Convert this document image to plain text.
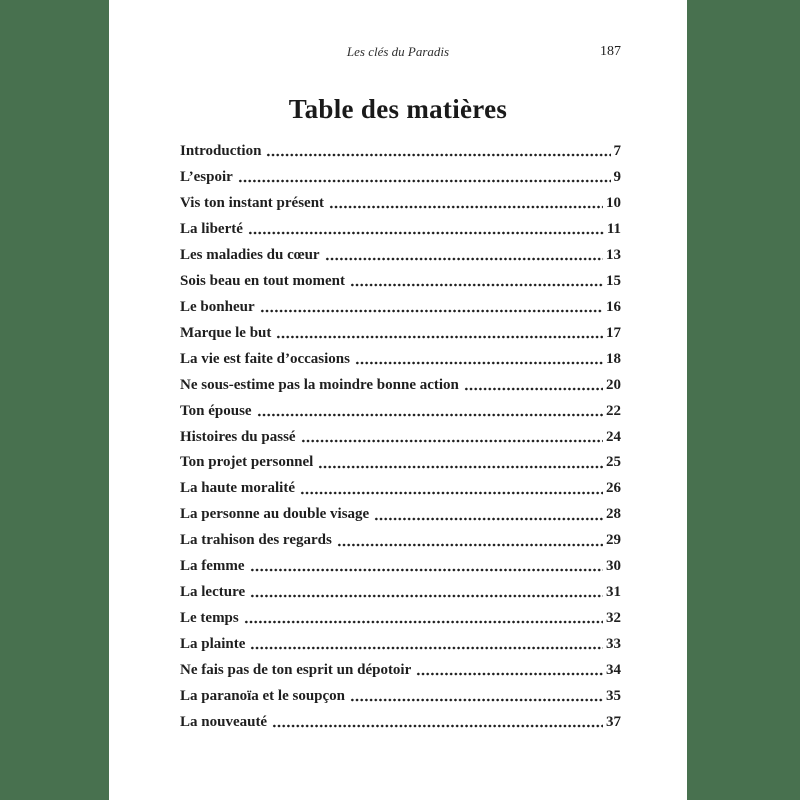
Les clés du Paradis	187
Table des matières
Introduction	7
L’espoir	9
Vis ton instant présent	10
La liberté	11
Les maladies du cœur	13
Sois beau en tout moment	15
Le bonheur	16
Marque le but	17
La vie est faite d’occasions	18
Ne sous-estime pas la moindre bonne action	20
Ton épouse	22
Histoires du passé	24
Ton projet personnel	25
La haute moralité	26
La personne au double visage	28
La trahison des regards	29
La femme	30
La lecture	31
Le temps	32
La plainte	33
Ne fais pas de ton esprit un dépotoir	34
La paranoïa et le soupçon	35
La nouveauté	37
